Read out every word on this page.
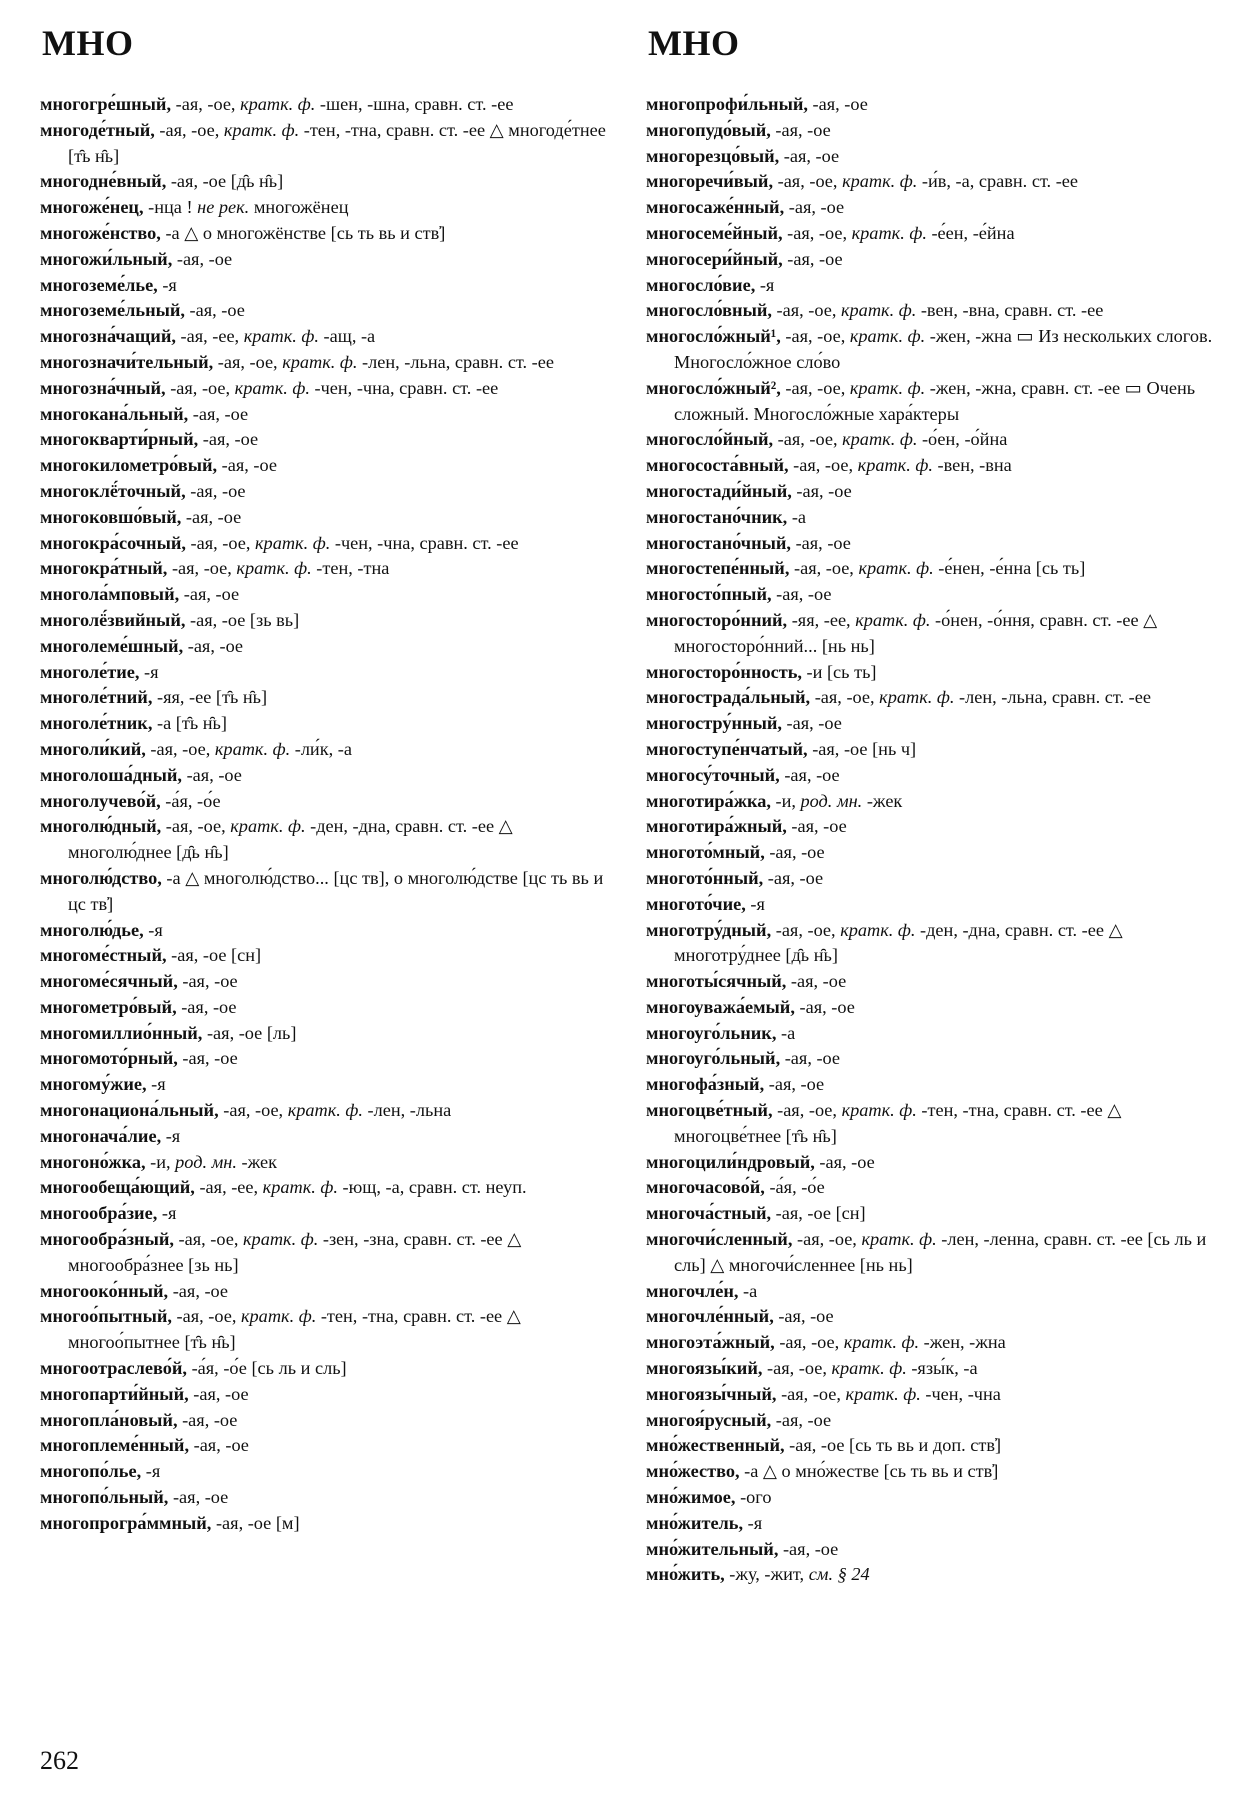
МНО	МНО

многогре́шный, -ая, -ое, кратк. ф. -шен, -шна, сравн. ст. -ее

многоде́тный, -ая, -ое, кратк. ф. -тен, -тна, сравн. ст. -ее △ многоде́тнее [т̑ь н̑ь]

многодне́вный, -ая, -ое [д̑ь н̑ь]

многоже́нец, -нца ! не рек. многожёнец

многоже́нство, -а △ о многожёнстве [сь ть вь и ств̕]

многожи́льный, -ая, -ое

многоземе́лье, -я

многоземе́льный, -ая, -ое

многозна́чащий, -ая, -ее, кратк. ф. -ащ, -а

многозначи́тельный, -ая, -ое, кратк. ф. -лен, -льна, сравн. ст. -ее

многозна́чный, -ая, -ое, кратк. ф. -чен, -чна, сравн. ст. -ее

многокана́льный, -ая, -ое

многокварти́рный, -ая, -ое

многокилометро́вый, -ая, -ое

многоклё́точный, -ая, -ое

многоковшо́вый, -ая, -ое

многокра́сочный, -ая, -ое, кратк. ф. -чен, -чна, сравн. ст. -ее

многокра́тный, -ая, -ое, кратк. ф. -тен, -тна

многола́мповый, -ая, -ое

многолё́звийный, -ая, -ое [зь вь]

многолеме́шный, -ая, -ое

многоле́тие, -я

многоле́тний, -яя, -ее [т̑ь н̑ь]

многоле́тник, -а [т̑ь н̑ь]

многоли́кий, -ая, -ое, кратк. ф. -ли́к, -а

многолоша́дный, -ая, -ое

многолучево́й, -а́я, -о́е

многолю́дный, -ая, -ое, кратк. ф. -ден, -дна, сравн. ст. -ее △ многолю́днее [д̑ь н̑ь]

многолю́дство, -а △ многолю́дство... [цс тв], о многолю́дстве [цс ть вь и цс тв̕]

многолю́дье, -я

многоме́стный, -ая, -ое [сн]

многоме́сячный, -ая, -ое

многометро́вый, -ая, -ое

многомиллио́нный, -ая, -ое [ль]

многомото́рный, -ая, -ое

многому́жие, -я

многонациона́льный, -ая, -ое, кратк. ф. -лен, -льна

многонача́лие, -я

многоно́жка, -и, род. мн. -жек

многообеща́ющий, -ая, -ее, кратк. ф. -ющ, -а, сравн. ст. неуп.

многообра́зие, -я

многообра́зный, -ая, -ое, кратк. ф. -зен, -зна, сравн. ст. -ее △ многообра́знее [зь нь]

многооко́нный, -ая, -ое

многоо́пытный, -ая, -ое, кратк. ф. -тен, -тна, сравн. ст. -ее △ многоо́пытнее [т̑ь н̑ь]

многоотраслево́й, -а́я, -о́е [сь ль и сль]

многопарти́йный, -ая, -ое

многопла́новый, -ая, -ое

многоплеме́нный, -ая, -ое

многопо́лье, -я

многопо́льный, -ая, -ое

многопрогра́ммный, -ая, -ое [м]

многопрофи́льный, -ая, -ое

многопудо́вый, -ая, -ое

многорезцо́вый, -ая, -ое

многоречи́вый, -ая, -ое, кратк. ф. -и́в, -а, сравн. ст. -ее

многосаже́нный, -ая, -ое

многосеме́йный, -ая, -ое, кратк. ф. -е́ен, -е́йна

многосери́йный, -ая, -ое

многосло́вие, -я

многосло́вный, -ая, -ое, кратк. ф. -вен, -вна, сравн. ст. -ее

многосло́жный¹, -ая, -ое, кратк. ф. -жен, -жна ▭ Из нескольких слогов. Многосло́жное сло́во

многосло́жный², -ая, -ое, кратк. ф. -жен, -жна, сравн. ст. -ее ▭ Очень сложный. Многосло́жные хара́ктеры

многосло́йный, -ая, -ое, кратк. ф. -о́ен, -о́йна

многососта́вный, -ая, -ое, кратк. ф. -вен, -вна

многостади́йный, -ая, -ое

многостано́чник, -а

многостано́чный, -ая, -ое

многостепе́нный, -ая, -ое, кратк. ф. -е́нен, -е́нна [сь ть]

многосто́пный, -ая, -ое

многосторо́нний, -яя, -ее, кратк. ф. -о́нен, -о́ння, сравн. ст. -ее △ многосторо́нний... [нь нь]

многосторо́нность, -и [сь ть]

многострада́льный, -ая, -ое, кратк. ф. -лен, -льна, сравн. ст. -ее

многостру́нный, -ая, -ое

многоступе́нчатый, -ая, -ое [нь ч]

многосу́точный, -ая, -ое

многотира́жка, -и, род. мн. -жек

многотира́жный, -ая, -ое

многото́мный, -ая, -ое

многото́нный, -ая, -ое

многото́чие, -я

многотру́дный, -ая, -ое, кратк. ф. -ден, -дна, сравн. ст. -ее △ многотру́днее [д̑ь н̑ь]

многоты́сячный, -ая, -ое

многоуважа́емый, -ая, -ое

многоуго́льник, -а

многоуго́льный, -ая, -ое

многофа́зный, -ая, -ое

многоцве́тный, -ая, -ое, кратк. ф. -тен, -тна, сравн. ст. -ее △ многоцве́тнее [т̑ь н̑ь]

многоцили́ндровый, -ая, -ое

многочасово́й, -а́я, -о́е

многоча́стный, -ая, -ое [сн]

многочи́сленный, -ая, -ое, кратк. ф. -лен, -ленна, сравн. ст. -ее [сь ль и сль] △ многочи́сленнее [нь нь]

многочле́н, -а

многочле́нный, -ая, -ое

многоэта́жный, -ая, -ое, кратк. ф. -жен, -жна

многоязы́кий, -ая, -ое, кратк. ф. -язы́к, -а

многоязы́чный, -ая, -ое, кратк. ф. -чен, -чна

многоя́русный, -ая, -ое

мно́жественный, -ая, -ое [сь ть вь и доп. ств̕]

мно́жество, -а △ о мно́жестве [сь ть вь и ств̕]

мно́жимое, -ого

мно́житель, -я

мно́жительный, -ая, -ое

мно́жить, -жу, -жит, см. § 24

262
